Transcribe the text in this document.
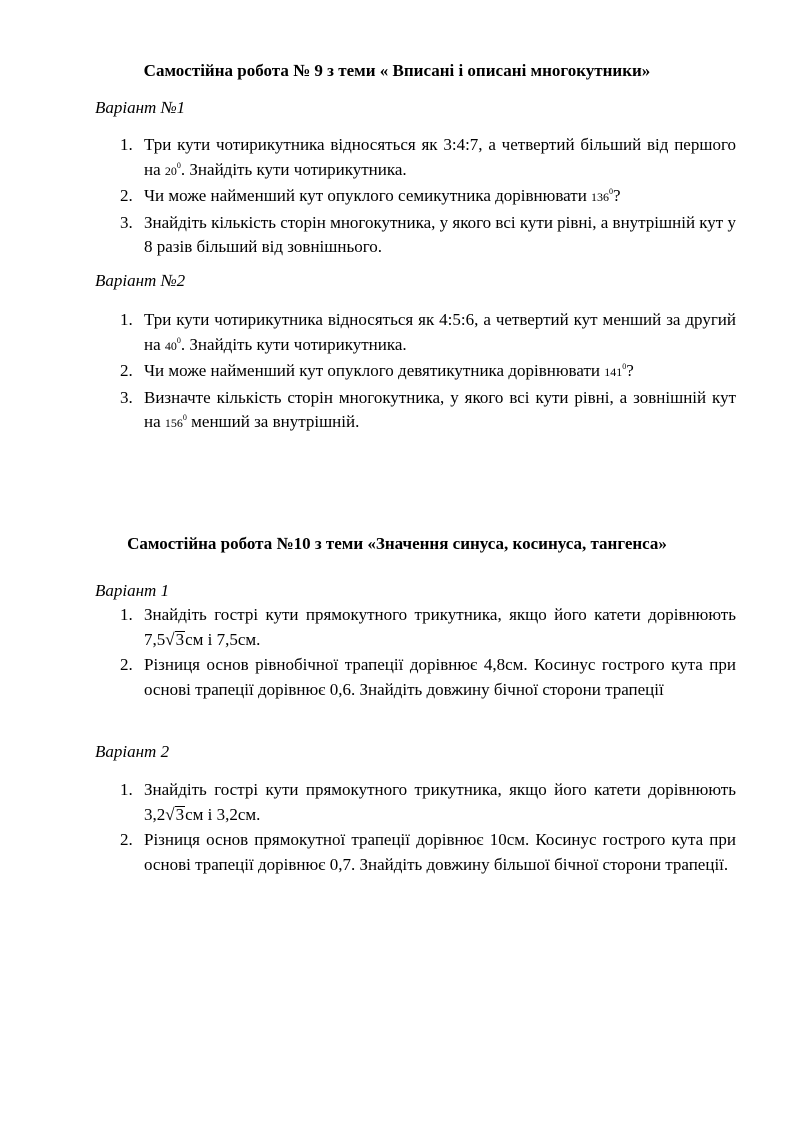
Самостійна робота № 9 з теми « Вписані і описані многокутники»

Варіант №1

1. Три кути чотирикутника відносяться як 3:4:7, а четвертий більший від першого на $20^0$. Знайдіть кути чотирикутника.
2. Чи може найменший кут опуклого семикутника дорівнювати $136^0$?
3. Знайдіть кількість сторін многокутника, у якого всі кути рівні, а внутрішній кут у 8 разів більший від зовнішнього.

Варіант №2

1. Три кути чотирикутника відносяться як 4:5:6, а четвертий кут менший за другий на $40^0$. Знайдіть кути чотирикутника.
2. Чи може найменший кут опуклого девятикутника дорівнювати $141^0$?
3. Визначте кількість сторін многокутника, у якого всі кути рівні, а зовнішній кут на $156^0$ менший за внутрішній.
Самостійна робота №10 з теми «Значення синуса, косинуса, тангенса»

Варіант 1

1. Знайдіть гострі кути прямокутного трикутника, якщо його катети дорівнюють 7,5√3см і 7,5см.
2. Різниця основ рівнобічної трапеції дорівнює 4,8см. Косинус гострого кута при основі трапеції дорівнює 0,6. Знайдіть довжину бічної сторони трапеції

Варіант 2

1. Знайдіть гострі кути прямокутного трикутника, якщо його катети дорівнюють 3,2√3см і 3,2см.
2. Різниця основ прямокутної трапеції дорівнює 10см. Косинус гострого кута при основі трапеції дорівнює 0,7. Знайдіть довжину більшої бічної сторони трапеції.
